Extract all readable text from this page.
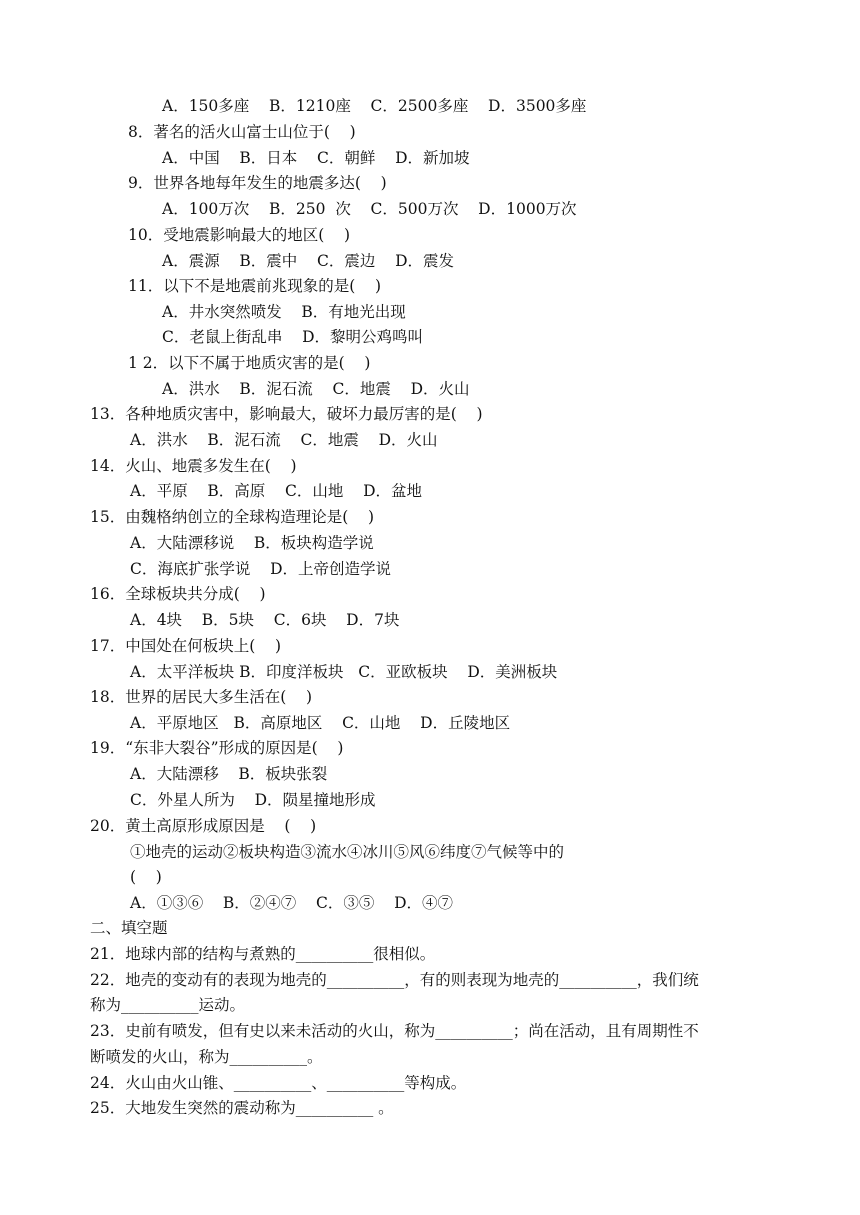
A．150多座    B．1210座    C．2500多座    D．3500多座
8．著名的活火山富士山位于(    )
A．中国    B．日本    C．朝鲜    D．新加坡
9．世界各地每年发生的地震多达(    )
A．100万次    B．250  次    C．500万次    D．1000万次
10．受地震影响最大的地区(    )
A．震源    B．震中    C．震边    D．震发
11．以下不是地震前兆现象的是(    )
A．井水突然喷发    B．有地光出现
C．老鼠上街乱串    D．黎明公鸡鸣叫
1 2．以下不属于地质灾害的是(    )
A．洪水    B．泥石流    C．地震    D．火山
13．各种地质灾害中，影响最大，破坏力最厉害的是(    )
A．洪水    B．泥石流    C．地震    D．火山
14．火山、地震多发生在(    )
A．平原    B．高原    C．山地    D．盆地
15．由魏格纳创立的全球构造理论是(    )
A．大陆漂移说    B．板块构造学说
C．海底扩张学说    D．上帝创造学说
16．全球板块共分成(    )
A．4块    B．5块    C．6块    D．7块
17．中国处在何板块上(    )
A．太平洋板块 B．印度洋板块   C．亚欧板块    D．美洲板块
18．世界的居民大多生活在(    )
A．平原地区   B．高原地区    C．山地    D．丘陵地区
19．“东非大裂谷”形成的原因是(    )
A．大陆漂移    B．板块张裂
C．外星人所为    D．陨星撞地形成
20．黄土高原形成原因是    (    )
①地壳的运动②板块构造③流水④冰川⑤风⑥纬度⑦气候等中的
(    )
A．①③⑥    B．②④⑦    C．③⑤    D．④⑦
二、填空题
21．地球内部的结构与煮熟的__________很相似。
22．地壳的变动有的表现为地壳的__________，有的则表现为地壳的__________，我们统
称为__________运动。
23．史前有喷发，但有史以来未活动的火山，称为__________；尚在活动，且有周期性不
断喷发的火山，称为__________。
24．火山由火山锥、__________、__________等构成。
25．大地发生突然的震动称为__________ 。
